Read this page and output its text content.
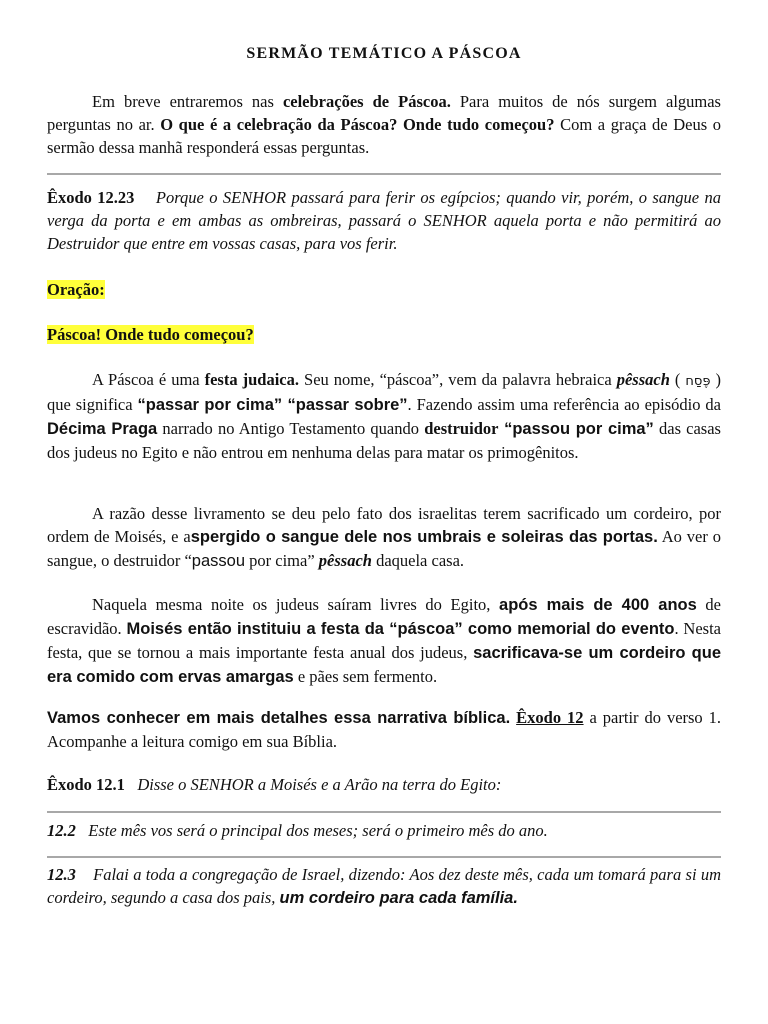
SERMÃO TEMÁTICO A PÁSCOA
Em breve entraremos nas celebrações de Páscoa. Para muitos de nós surgem algumas perguntas no ar. O que é a celebração da Páscoa? Onde tudo começou? Com a graça de Deus o sermão dessa manhã responderá essas perguntas.
Êxodo 12.23 Porque o SENHOR passará para ferir os egípcios; quando vir, porém, o sangue na verga da porta e em ambas as ombreiras, passará o SENHOR aquela porta e não permitirá ao Destruidor que entre em vossas casas, para vos ferir.
Oração:
Páscoa! Onde tudo começou?
A Páscoa é uma festa judaica. Seu nome, “páscoa”, vem da palavra hebraica pêssach ( פֶּסַח ) que significa “passar por cima” “passar sobre”. Fazendo assim uma referência ao episódio da Décima Praga narrado no Antigo Testamento quando destruidor “passou por cima” das casas dos judeus no Egito e não entrou em nenhuma delas para matar os primogênitos.
A razão desse livramento se deu pelo fato dos israelitas terem sacrificado um cordeiro, por ordem de Moisés, e aspergido o sangue dele nos umbrais e soleiras das portas. Ao ver o sangue, o destruidor “passou por cima” pêssach daquela casa.
Naquela mesma noite os judeus saíram livres do Egito, após mais de 400 anos de escravidão. Moisés então instituiu a festa da “páscoa” como memorial do evento. Nesta festa, que se tornou a mais importante festa anual dos judeus, sacrificava-se um cordeiro que era comido com ervas amargas e pães sem fermento.
Vamos conhecer em mais detalhes essa narrativa bíblica. Êxodo 12 a partir do verso 1. Acompanhe a leitura comigo em sua Bíblia.
Êxodo 12.1 Disse o SENHOR a Moisés e a Arão na terra do Egito:
12.2 Este mês vos será o principal dos meses; será o primeiro mês do ano.
12.3 Falai a toda a congregação de Israel, dizendo: Aos dez deste mês, cada um tomará para si um cordeiro, segundo a casa dos pais, um cordeiro para cada família.
